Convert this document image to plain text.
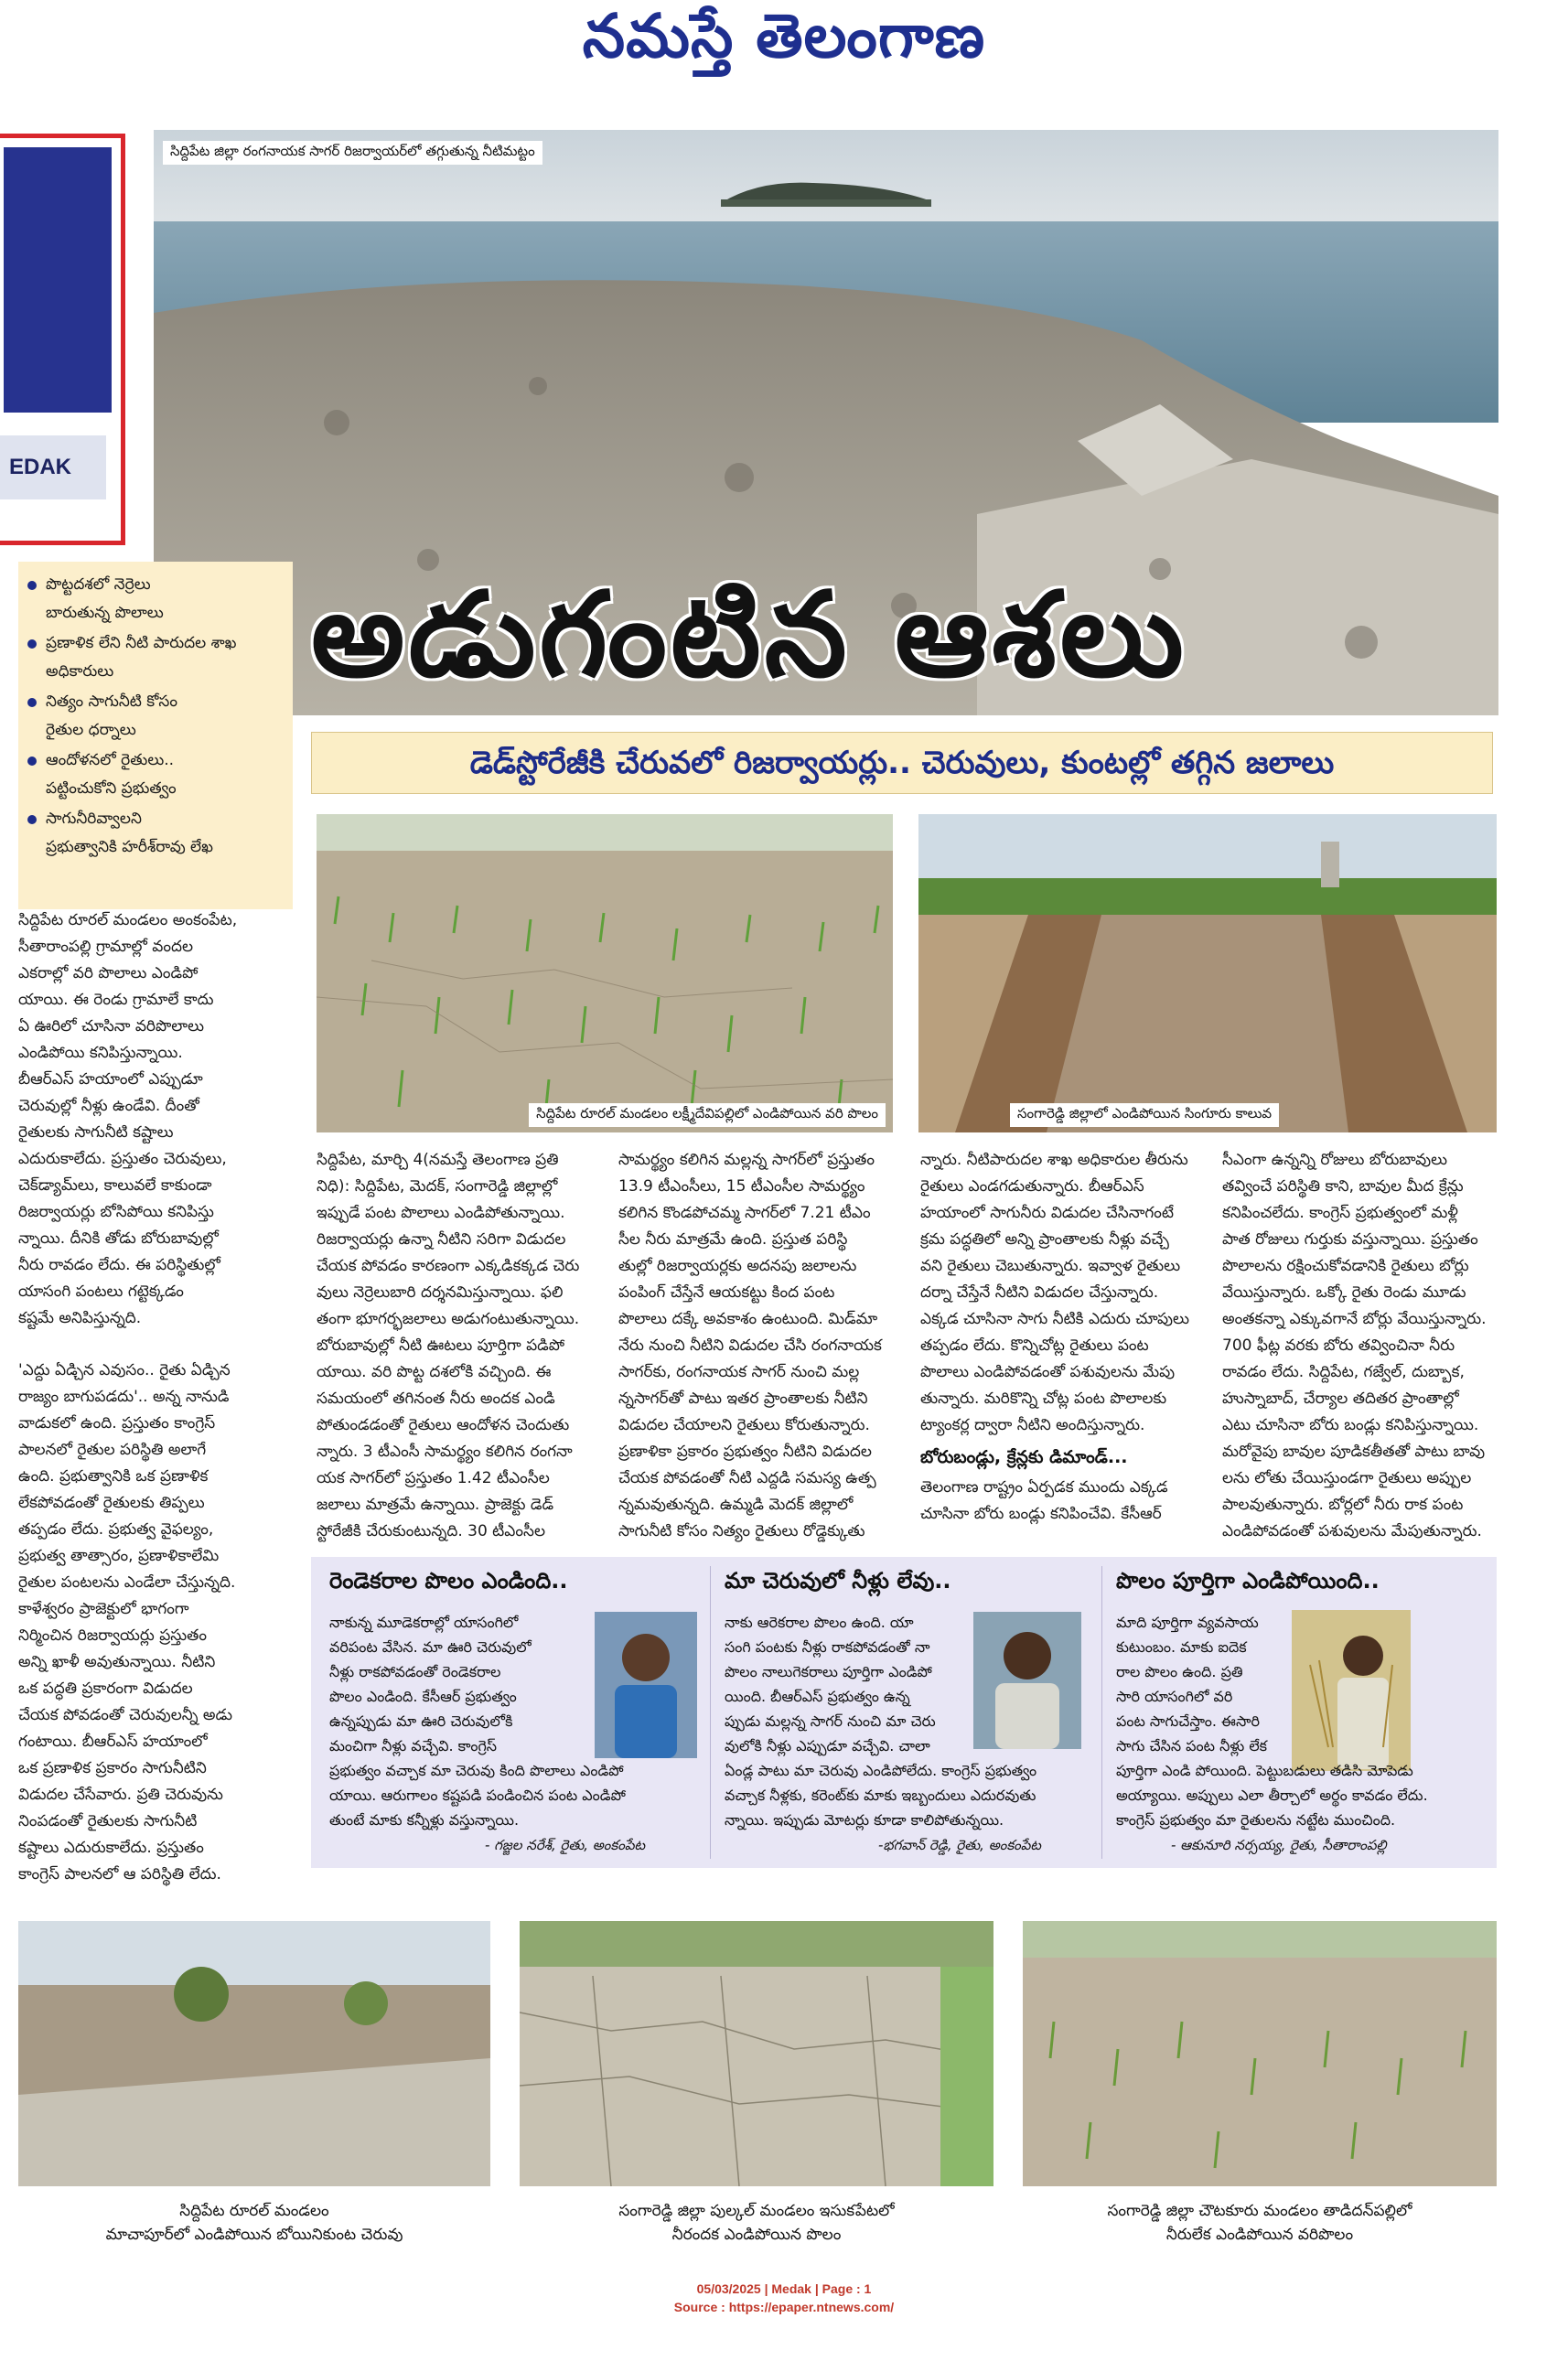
నమస్తే తెలంగాణ
EDAK
సిద్దిపేట జిల్లా రంగనాయక సాగర్ రిజర్వాయర్‌లో తగ్గుతున్న నీటిమట్టం
పొట్టదశలో నెర్రెలు
బారుతున్న పొలాలు
ప్రణాళిక లేని నీటి పారుదల శాఖ
అధికారులు
నిత్యం సాగునీటి కోసం
రైతుల ధర్నాలు
ఆందోళనలో రైతులు..
పట్టించుకోని ప్రభుత్వం
సాగునీరివ్వాలని
ప్రభుత్వానికి హరీశ్‌రావు లేఖ
అడుగంటిన ఆశలు
డెడ్‌స్టోరేజీకి చేరువలో రిజర్వాయర్లు.. చెరువులు, కుంటల్లో తగ్గిన జలాలు
సిద్దిపేట రూరల్ మండలం లక్ష్మీదేవిపల్లిలో ఎండిపోయిన వరి పొలం	సంగారెడ్డి జిల్లాలో ఎండిపోయిన సింగూరు కాలువ
సిద్దిపేట రూరల్ మండలం అంకంపేట,
సీతారాంపల్లి గ్రామాల్లో వందల
ఎకరాల్లో వరి పొలాలు ఎండిపో
యాయి. ఈ రెండు గ్రామాలే కాదు
ఏ ఊరిలో చూసినా వరిపొలాలు
ఎండిపోయి కనిపిస్తున్నాయి.
బీఆర్‌ఎస్ హయాంలో ఎప్పుడూ
చెరువుల్లో నీళ్లు ఉండేవి. దీంతో
రైతులకు సాగునీటి కష్టాలు
ఎదురుకాలేదు. ప్రస్తుతం చెరువులు,
చెక్‌డ్యామ్‌లు, కాలువలే కాకుండా
రిజర్వాయర్లు బోసిపోయి కనిపిస్తు
న్నాయి. దీనికి తోడు బోరుబావుల్లో
నీరు రావడం లేదు. ఈ పరిస్థితుల్లో
యాసంగి పంటలు గట్టెక్కడం
కష్టమే అనిపిస్తున్నది.
'ఎద్దు ఏడ్చిన ఎవుసం.. రైతు ఏడ్చిన
రాజ్యం బాగుపడదు'.. అన్న నానుడి
వాడుకలో ఉంది. ప్రస్తుతం కాంగ్రెస్
పాలనలో రైతుల పరిస్థితి అలాగే
ఉంది. ప్రభుత్వానికి ఒక ప్రణాళిక
లేకపోవడంతో రైతులకు తిప్పలు
తప్పడం లేదు. ప్రభుత్వ వైఫల్యం,
ప్రభుత్వ తాత్సారం, ప్రణాళికాలేమి
రైతుల పంటలను ఎండేలా చేస్తున్నది.
కాళేశ్వరం ప్రాజెక్టులో భాగంగా
నిర్మించిన రిజర్వాయర్లు ప్రస్తుతం
అన్ని ఖాళీ అవుతున్నాయి. నీటిని
ఒక పద్ధతి ప్రకారంగా విడుదల
చేయక పోవడంతో చెరువులన్నీ అడు
గంటాయి. బీఆర్‌ఎస్ హయాంలో
ఒక ప్రణాళిక ప్రకారం సాగునీటిని
విడుదల చేసేవారు. ప్రతి చెరువును
నింపడంతో రైతులకు సాగునీటి
కష్టాలు ఎదురుకాలేదు. ప్రస్తుతం
కాంగ్రెస్ పాలనలో ఆ పరిస్థితి లేదు.
సిద్దిపేట, మార్చి 4(నమస్తే తెలంగాణ ప్రతి
నిధి): సిద్దిపేట, మెదక్, సంగారెడ్డి జిల్లాల్లో
ఇప్పుడే పంట పొలాలు ఎండిపోతున్నాయి.
రిజర్వాయర్లు ఉన్నా నీటిని సరిగా విడుదల
చేయక పోవడం కారణంగా ఎక్కడికక్కడ చెరు
వులు నెర్రెలుబారి దర్శనమిస్తున్నాయి. ఫలి
తంగా భూగర్భజలాలు అడుగంటుతున్నాయి.
బోరుబావుల్లో నీటి ఊటలు పూర్తిగా పడిపో
యాయి. వరి పొట్ట దశలోకి వచ్చింది. ఈ
సమయంలో తగినంత నీరు అందక ఎండి
పోతుండడంతో రైతులు ఆందోళన చెందుతు
న్నారు. 3 టీఎంసీ సామర్థ్యం కలిగిన రంగనా
యక సాగర్‌లో ప్రస్తుతం 1.42 టీఎంసీల
జలాలు మాత్రమే ఉన్నాయి. ప్రాజెక్టు డెడ్
స్టోరేజీకి చేరుకుంటున్నది. 30 టీఎంసీల
సామర్థ్యం కలిగిన మల్లన్న సాగర్‌లో ప్రస్తుతం
13.9 టీఎంసీలు, 15 టీఎంసీల సామర్థ్యం
కలిగిన కొండపోచమ్మ సాగర్‌లో 7.21 టీఎం
సీల నీరు మాత్రమే ఉంది. ప్రస్తుత పరిస్థి
తుల్లో రిజర్వాయర్లకు అదనపు జలాలను
పంపింగ్ చేస్తేనే ఆయకట్టు కింద పంట
పొలాలు దక్కే అవకాశం ఉంటుంది. మిడ్‌మా
నేరు నుంచి నీటిని విడుదల చేసి రంగనాయక
సాగర్‌కు, రంగనాయక సాగర్ నుంచి మల్ల
న్నసాగర్‌తో పాటు ఇతర ప్రాంతాలకు నీటిని
విడుదల చేయాలని రైతులు కోరుతున్నారు.
ప్రణాళికా ప్రకారం ప్రభుత్వం నీటిని విడుదల
చేయక పోవడంతో నీటి ఎద్దడి సమస్య ఉత్ప
న్నమవుతున్నది. ఉమ్మడి మెదక్ జిల్లాలో
సాగునీటి కోసం నిత్యం రైతులు రోడ్డెక్కుతు
న్నారు. నీటిపారుదల శాఖ అధికారుల తీరును
రైతులు ఎండగడుతున్నారు. బీఆర్‌ఎస్
హయాంలో సాగునీరు విడుదల చేసినాగంటే
క్రమ పద్ధతిలో అన్ని ప్రాంతాలకు నీళ్లు వచ్చే
వని రైతులు చెబుతున్నారు. ఇవ్వాళ రైతులు
దర్నా చేస్తేనే నీటిని విడుదల చేస్తున్నారు.
ఎక్కడ చూసినా సాగు నీటికి ఎదురు చూపులు
తప్పడం లేదు. కొన్నిచోట్ల రైతులు పంట
పొలాలు ఎండిపోవడంతో పశువులను మేపు
తున్నారు. మరికొన్ని చోట్ల పంట పొలాలకు
ట్యాంకర్ల ద్వారా నీటిని అందిస్తున్నారు.
బోరుబండ్లు, క్రేన్లకు డిమాండ్...
తెలంగాణ రాష్ట్రం ఏర్పడక ముందు ఎక్కడ
చూసినా బోరు బండ్లు కనిపించేవి. కేసీఆర్
సీఎంగా ఉన్నన్ని రోజులు బోరుబావులు
తవ్వించే పరిస్థితి కాని, బావుల మీద క్రేన్లు
కనిపించలేదు. కాంగ్రెస్ ప్రభుత్వంలో మళ్లీ
పాత రోజులు గుర్తుకు వస్తున్నాయి. ప్రస్తుతం
పొలాలను రక్షించుకోవడానికి రైతులు బోర్లు
వేయిస్తున్నారు. ఒక్కో రైతు రెండు మూడు
అంతకన్నా ఎక్కువగానే బోర్లు వేయిస్తున్నారు.
700 ఫీట్ల వరకు బోరు తవ్వించినా నీరు
రావడం లేదు. సిద్దిపేట, గజ్వేల్, దుబ్బాక,
హుస్నాబాద్, చేర్యాల తదితర ప్రాంతాల్లో
ఎటు చూసినా బోరు బండ్లు కనిపిస్తున్నాయి.
మరోవైపు బావుల పూడికతీతతో పాటు బావు
లను లోతు చేయిస్తుండగా రైతులు అప్పుల
పాలవుతున్నారు. బోర్లలో నీరు రాక పంట
ఎండిపోవడంతో పశువులను మేపుతున్నారు.
రెండెకరాల పొలం ఎండింది..
నాకున్న మూడెకరాల్లో యాసంగిలో
వరిపంట వేసిన. మా ఊరి చెరువులో
నీళ్లు రాకపోవడంతో రెండెకరాల
పొలం ఎండింది. కేసీఆర్ ప్రభుత్వం
ఉన్నప్పుడు మా ఊరి చెరువులోకి
మంచిగా నీళ్లు వచ్చేవి. కాంగ్రెస్
ప్రభుత్వం వచ్చాక మా చెరువు కింది పొలాలు ఎండిపో
యాయి. ఆరుగాలం కష్టపడి పండించిన పంట ఎండిపో
తుంటే మాకు కన్నీళ్లు వస్తున్నాయి.
- గజ్జల నరేశ్, రైతు, అంకంపేట
మా చెరువులో నీళ్లు లేవు..
నాకు ఆరెకరాల పొలం ఉంది. యా
సంగి పంటకు నీళ్లు రాకపోవడంతో నా
పొలం నాలుగెకరాలు పూర్తిగా ఎండిపో
యింది. బీఆర్‌ఎస్ ప్రభుత్వం ఉన్న
ప్పుడు మల్లన్న సాగర్ నుంచి మా చెరు
వులోకి నీళ్లు ఎప్పుడూ వచ్చేవి. చాలా
ఏండ్ల పాటు మా చెరువు ఎండిపోలేదు. కాంగ్రెస్ ప్రభుత్వం
వచ్చాక నీళ్లకు, కరెంట్‌కు మాకు ఇబ్బందులు ఎదురవుతు
న్నాయి. ఇప్పుడు మోటర్లు కూడా కాలిపోతున్నయి.
-భగవాన్ రెడ్డి, రైతు, అంకంపేట
పొలం పూర్తిగా ఎండిపోయింది..
మాది పూర్తిగా వ్యవసాయ
కుటుంబం. మాకు ఐదెక
రాల పొలం ఉంది. ప్రతి
సారి యాసంగిలో వరి
పంట సాగుచేస్తాం. ఈసారి
సాగు చేసిన పంట నీళ్లు లేక
పూర్తిగా ఎండి పోయింది. పెట్టుబడులు తడిసి మోపెడు
అయ్యాయి. అప్పులు ఎలా తీర్చాలో అర్థం కావడం లేదు.
కాంగ్రెస్ ప్రభుత్వం మా రైతులను నట్టేట ముంచింది.
- ఆకునూరి నర్సయ్య, రైతు, సీతారాంపల్లి
సిద్దిపేట రూరల్ మండలం
మాచాపూర్‌లో ఎండిపోయిన బోయినికుంట చెరువు
సంగారెడ్డి జిల్లా పుల్కల్ మండలం ఇసుకపేటలో
నీరందక ఎండిపోయిన పొలం
సంగారెడ్డి జిల్లా చౌటకూరు మండలం తాడిదన్‌పల్లిలో
నీరులేక ఎండిపోయిన వరిపొలం
05/03/2025 | Medak | Page : 1
Source : https://epaper.ntnews.com/
